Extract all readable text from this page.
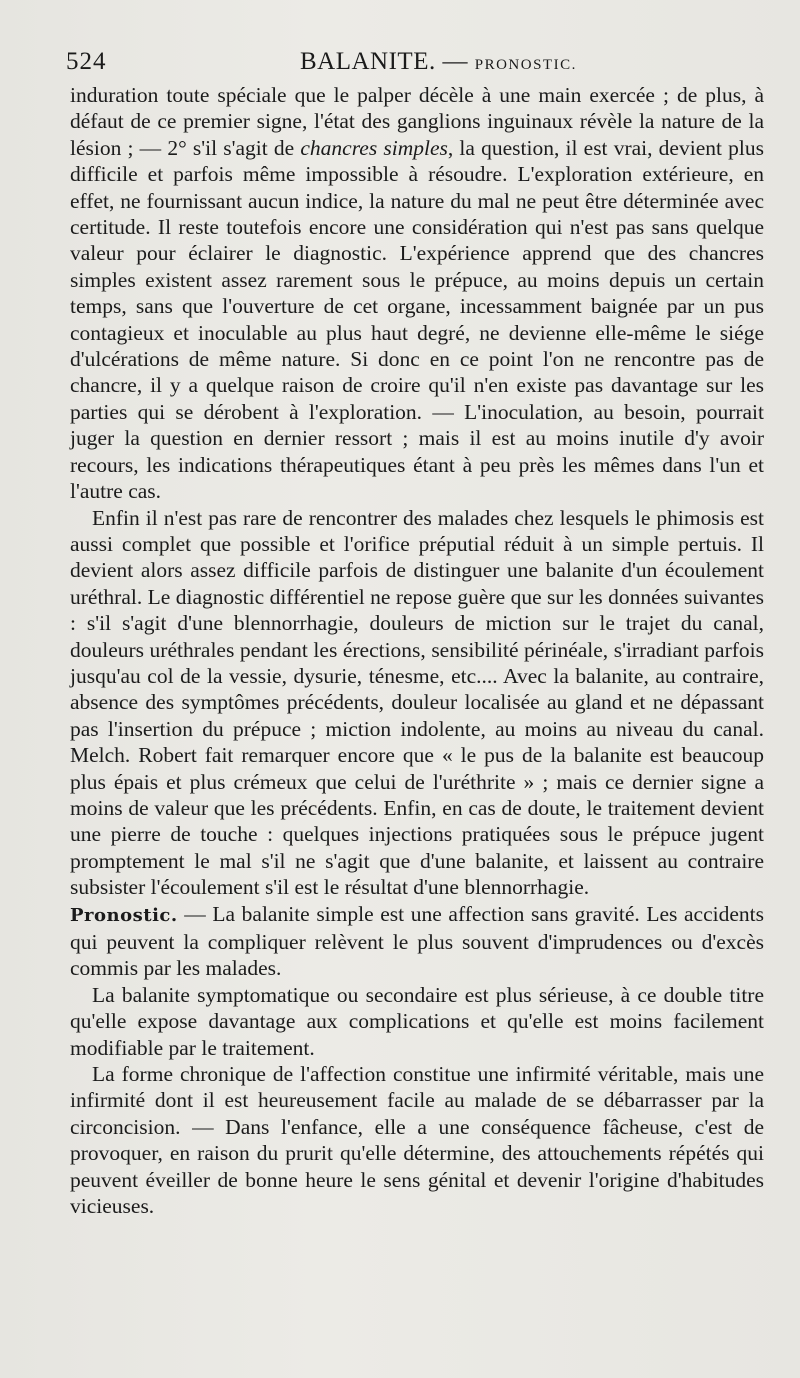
524	BALANITE. — PRONOSTIC.

induration toute spéciale que le palper décèle à une main exercée ; de plus, à défaut de ce premier signe, l'état des ganglions inguinaux révèle la nature de la lésion ; — 2° s'il s'agit de chancres simples, la question, il est vrai, devient plus difficile et parfois même impossible à résoudre. L'exploration extérieure, en effet, ne fournissant aucun indice, la nature du mal ne peut être déterminée avec certitude. Il reste toutefois encore une considération qui n'est pas sans quelque valeur pour éclairer le diagnostic. L'expérience apprend que des chancres simples existent assez rarement sous le prépuce, au moins depuis un certain temps, sans que l'ouverture de cet organe, incessamment baignée par un pus contagieux et inoculable au plus haut degré, ne devienne elle-même le siége d'ulcérations de même nature. Si donc en ce point l'on ne rencontre pas de chancre, il y a quelque raison de croire qu'il n'en existe pas davantage sur les parties qui se dérobent à l'exploration. — L'inoculation, au besoin, pourrait juger la question en dernier ressort ; mais il est au moins inutile d'y avoir recours, les indications thérapeutiques étant à peu près les mêmes dans l'un et l'autre cas.

Enfin il n'est pas rare de rencontrer des malades chez lesquels le phimosis est aussi complet que possible et l'orifice préputial réduit à un simple pertuis. Il devient alors assez difficile parfois de distinguer une balanite d'un écoulement uréthral. Le diagnostic différentiel ne repose guère que sur les données suivantes : s'il s'agit d'une blennorrhagie, douleurs de miction sur le trajet du canal, douleurs uréthrales pendant les érections, sensibilité périnéale, s'irradiant parfois jusqu'au col de la vessie, dysurie, ténesme, etc.... Avec la balanite, au contraire, absence des symptômes précédents, douleur localisée au gland et ne dépassant pas l'insertion du prépuce ; miction indolente, au moins au niveau du canal. Melch. Robert fait remarquer encore que « le pus de la balanite est beaucoup plus épais et plus crémeux que celui de l'uréthrite » ; mais ce dernier signe a moins de valeur que les précédents. Enfin, en cas de doute, le traitement devient une pierre de touche : quelques injections pratiquées sous le prépuce jugent promptement le mal s'il ne s'agit que d'une balanite, et laissent au contraire subsister l'écoulement s'il est le résultat d'une blennorrhagie.

Pronostic. — La balanite simple est une affection sans gravité. Les accidents qui peuvent la compliquer relèvent le plus souvent d'imprudences ou d'excès commis par les malades.

La balanite symptomatique ou secondaire est plus sérieuse, à ce double titre qu'elle expose davantage aux complications et qu'elle est moins facilement modifiable par le traitement.

La forme chronique de l'affection constitue une infirmité véritable, mais une infirmité dont il est heureusement facile au malade de se débarrasser par la circoncision. — Dans l'enfance, elle a une conséquence fâcheuse, c'est de provoquer, en raison du prurit qu'elle détermine, des attouchements répétés qui peuvent éveiller de bonne heure le sens génital et devenir l'origine d'habitudes vicieuses.
